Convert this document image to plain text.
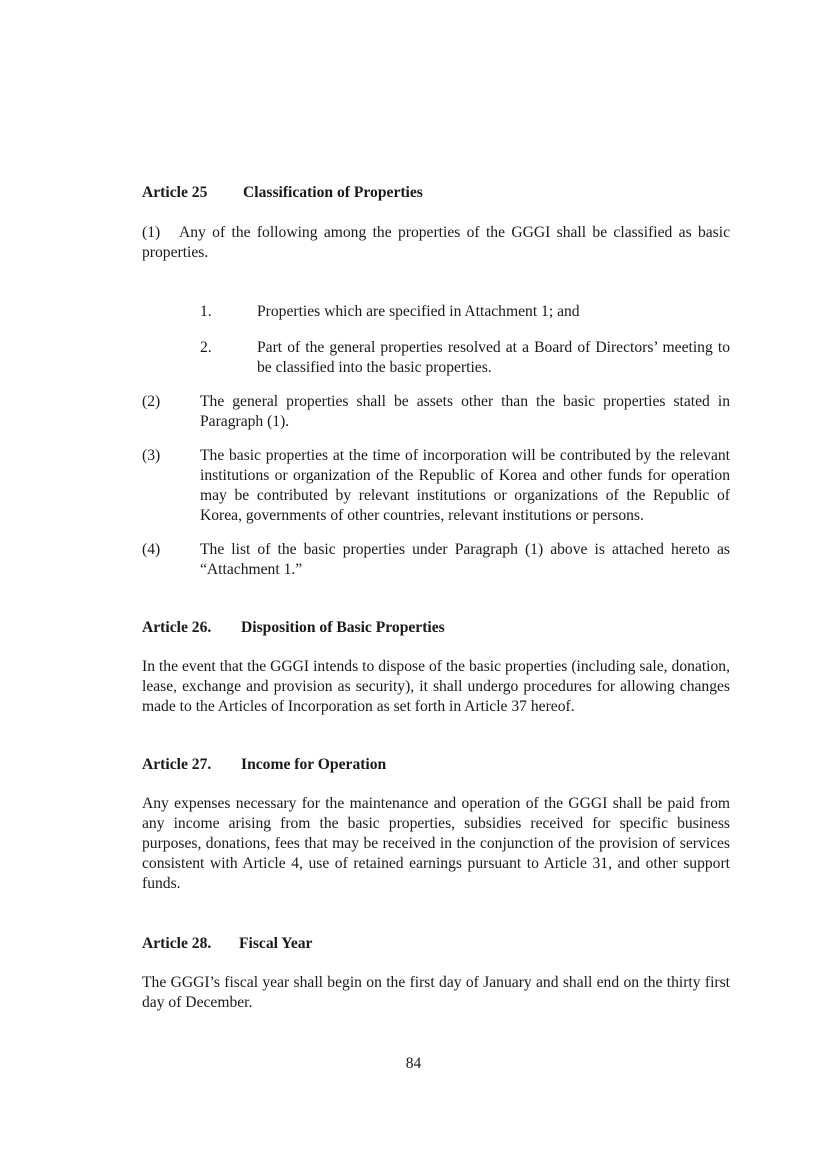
Article 25 Classification of Properties

(1) Any of the following among the properties of the GGGI shall be classified as basic properties.

1.	Properties which are specified in Attachment 1; and
2.	Part of the general properties resolved at a Board of Directors’ meeting to be classified into the basic properties.
(2)	The general properties shall be assets other than the basic properties stated in Paragraph (1).
(3)	The basic properties at the time of incorporation will be contributed by the relevant institutions or organization of the Republic of Korea and other funds for operation may be contributed by relevant institutions or organizations of the Republic of Korea, governments of other countries, relevant institutions or persons.
(4)	The list of the basic properties under Paragraph (1) above is attached hereto as “Attachment 1.”
Article 26. Disposition of Basic Properties

In the event that the GGGI intends to dispose of the basic properties (including sale, donation, lease, exchange and provision as security), it shall undergo procedures for allowing changes made to the Articles of Incorporation as set forth in Article 37 hereof.

Article 27. Income for Operation

Any expenses necessary for the maintenance and operation of the GGGI shall be paid from any income arising from the basic properties, subsidies received for specific business purposes, donations, fees that may be received in the conjunction of the provision of services consistent with Article 4, use of retained earnings pursuant to Article 31, and other support funds.

Article 28. Fiscal Year

The GGGI’s fiscal year shall begin on the first day of January and shall end on the thirty first day of December.

84
